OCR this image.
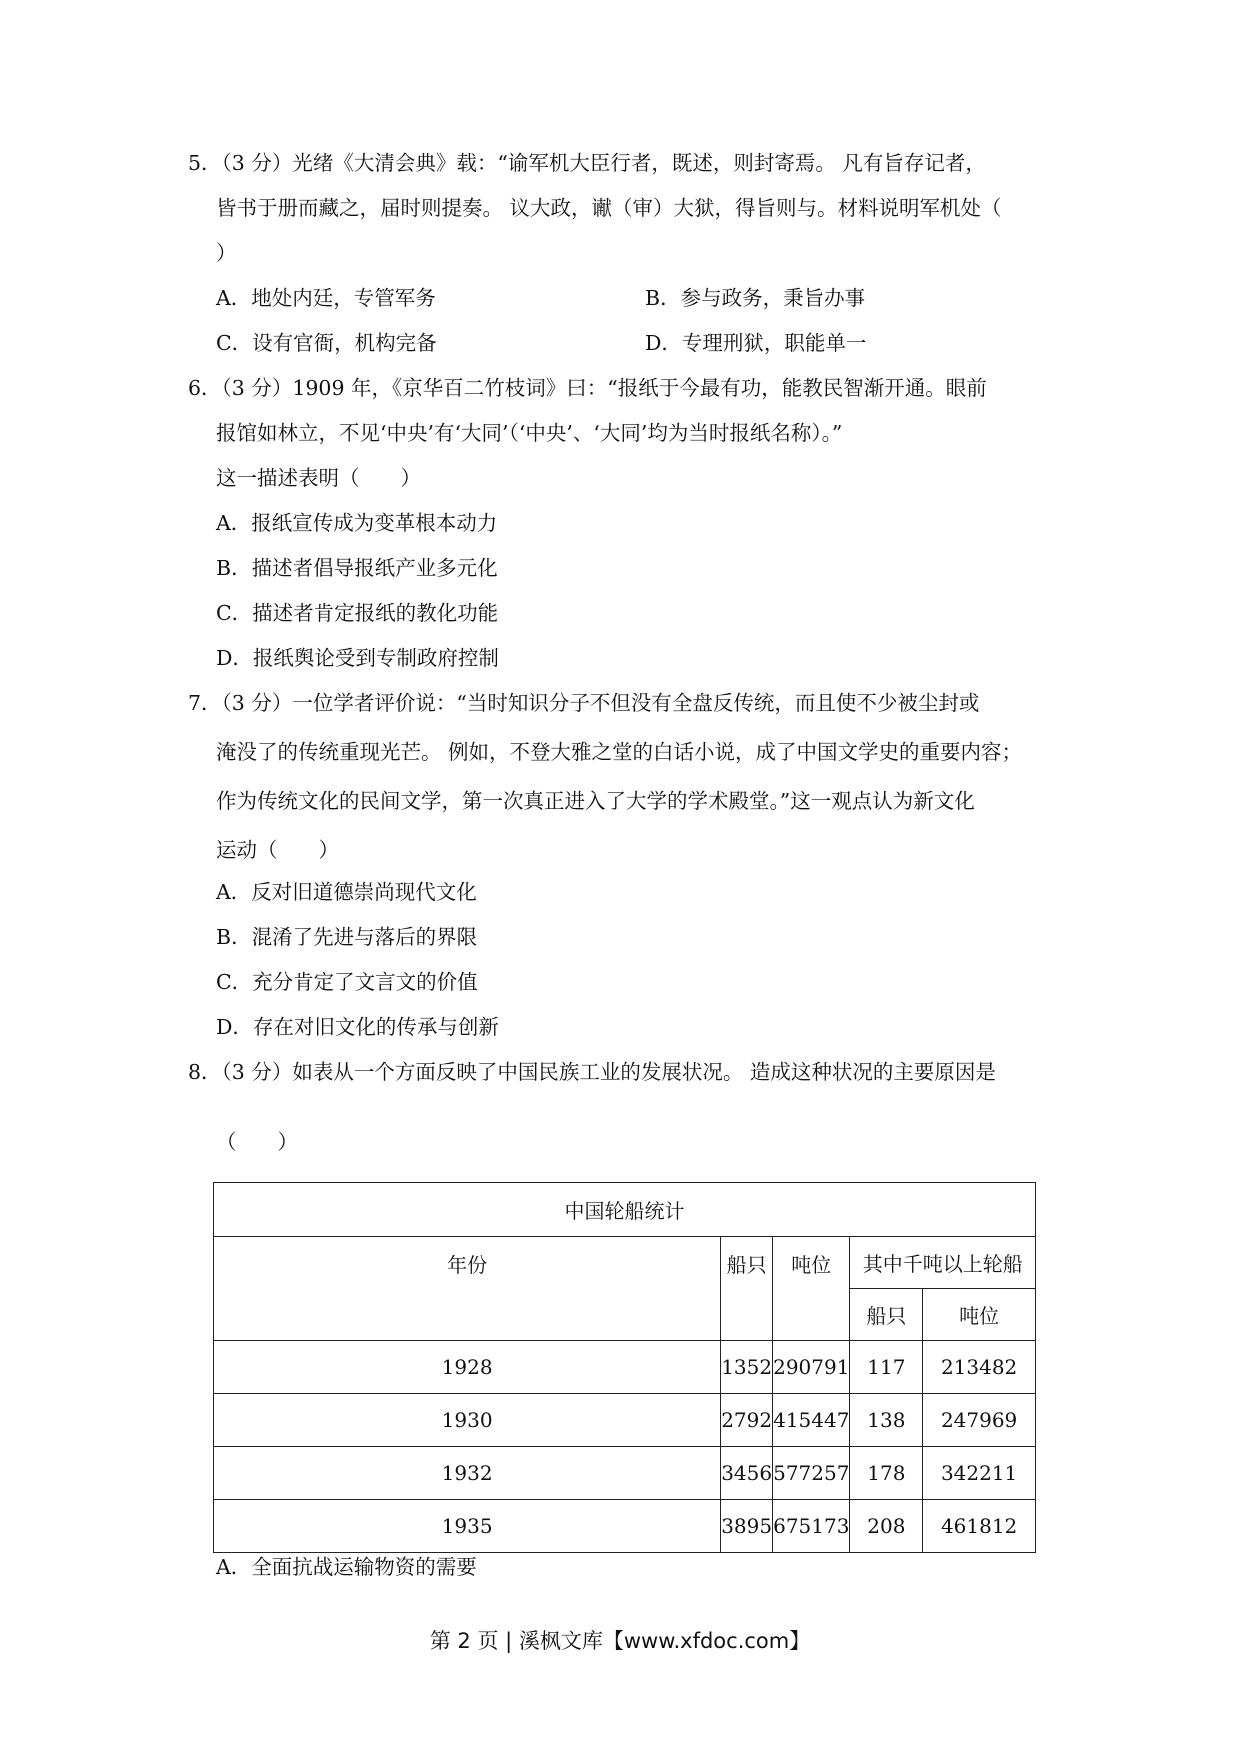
5．（3 分）光绪《大清会典》载：“谕军机大臣行者，既述，则封寄焉。 凡有旨存记者，
皆书于册而藏之，届时则提奏。 议大政，谳（审）大狱，得旨则与。材料说明军机处（
）
A．地处内廷，专管军务	B．参与政务，秉旨办事
C．设有官衙，机构完备	D．专理刑狱，职能单一
6．（3 分）1909 年，《京华百二竹枝词》曰：“报纸于今最有功，能教民智渐开通。眼前
报馆如林立，不见‘中央’有‘大同’（‘中央’、‘大同’均为当时报纸名称）。”
这一描述表明（　　）
A．报纸宣传成为变革根本动力
B．描述者倡导报纸产业多元化
C．描述者肯定报纸的教化功能
D．报纸舆论受到专制政府控制
7．（3 分）一位学者评价说：“当时知识分子不但没有全盘反传统，而且使不少被尘封或
淹没了的传统重现光芒。 例如，不登大雅之堂的白话小说，成了中国文学史的重要内容；
作为传统文化的民间文学，第一次真正进入了大学的学术殿堂。”这一观点认为新文化
运动（　　）
A．反对旧道德崇尚现代文化
B．混淆了先进与落后的界限
C．充分肯定了文言文的价值
D．存在对旧文化的传承与创新
8．（3 分）如表从一个方面反映了中国民族工业的发展状况。 造成这种状况的主要原因是
（　　）
中国轮船统计				
年份	船只	吨位	其中千吨以上轮船	
			船只	吨位
1928	1352	290791	117	213482
1930	2792	415447	138	247969
1932	3456	577257	178	342211
1935	3895	675173	208	461812
A．全面抗战运输物资的需要
第 2 页 | 溪枫文库【www.xfdoc.com】
